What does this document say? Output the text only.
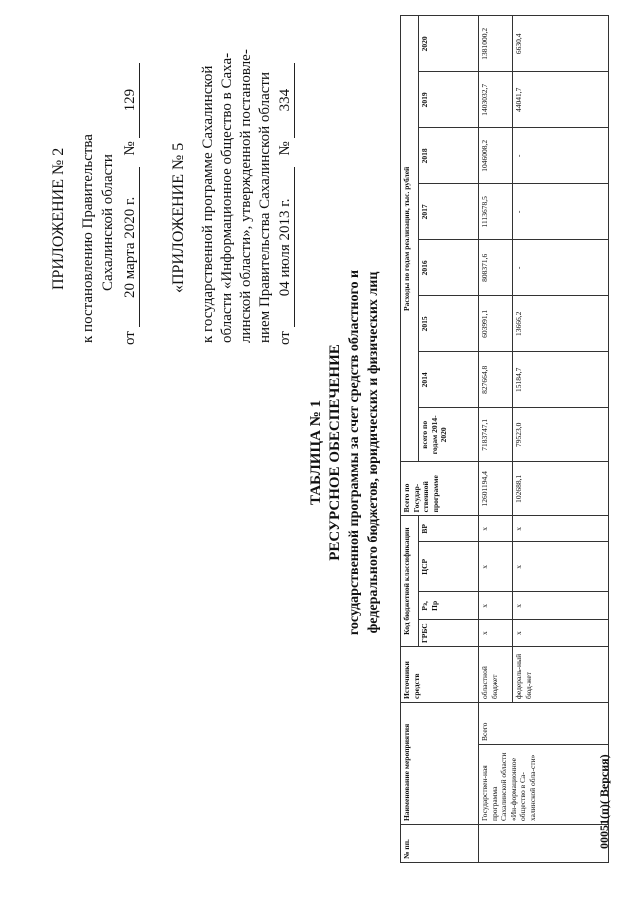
ПРИЛОЖЕНИЕ № 2 к постановлению Правительства Сахалинской области
от 20 марта 2020 г. № 129
«ПРИЛОЖЕНИЕ № 5 к государственной программе Сахалинской области «Информационное общество в Саха- линской области», утвержденной постановле- нием Правительства Сахалинской области от 04 июля 2013 г. № 334
ТАБЛИЦА № 1 РЕСУРСНОЕ ОБЕСПЕЧЕНИЕ государственной программы за счет средств областного и федерального бюджетов, юридических и физических лиц
№ пп.	Наименование мероприятия		Источники средств	Код бюджетной классификации				Всего по Государ-ственной программе	Расходы по годам реализации, тыс. рублей							
				ГРБС	Рз, Пр	ЦСР	ВР		всего по годам 2014-2020	2014	2015	2016	2017	2018	2019	2020
	Государствен-ная программа Сахалинской области «Ин-формационное общество в Са-халинской обла-сти»	Всего	областной бюджет	x	x	x	x	12601194,4	7183747,1	827664,8	603991,1	808371,6	1113678,5	1046008,2	1403032,7	1381000,2
			федераль-ный бюд-жет	x	x	x	x	102688,1	79523,0	15184,7	13666,2	-	-	-	44041,7	6630,4
00051(п)( Версия)
